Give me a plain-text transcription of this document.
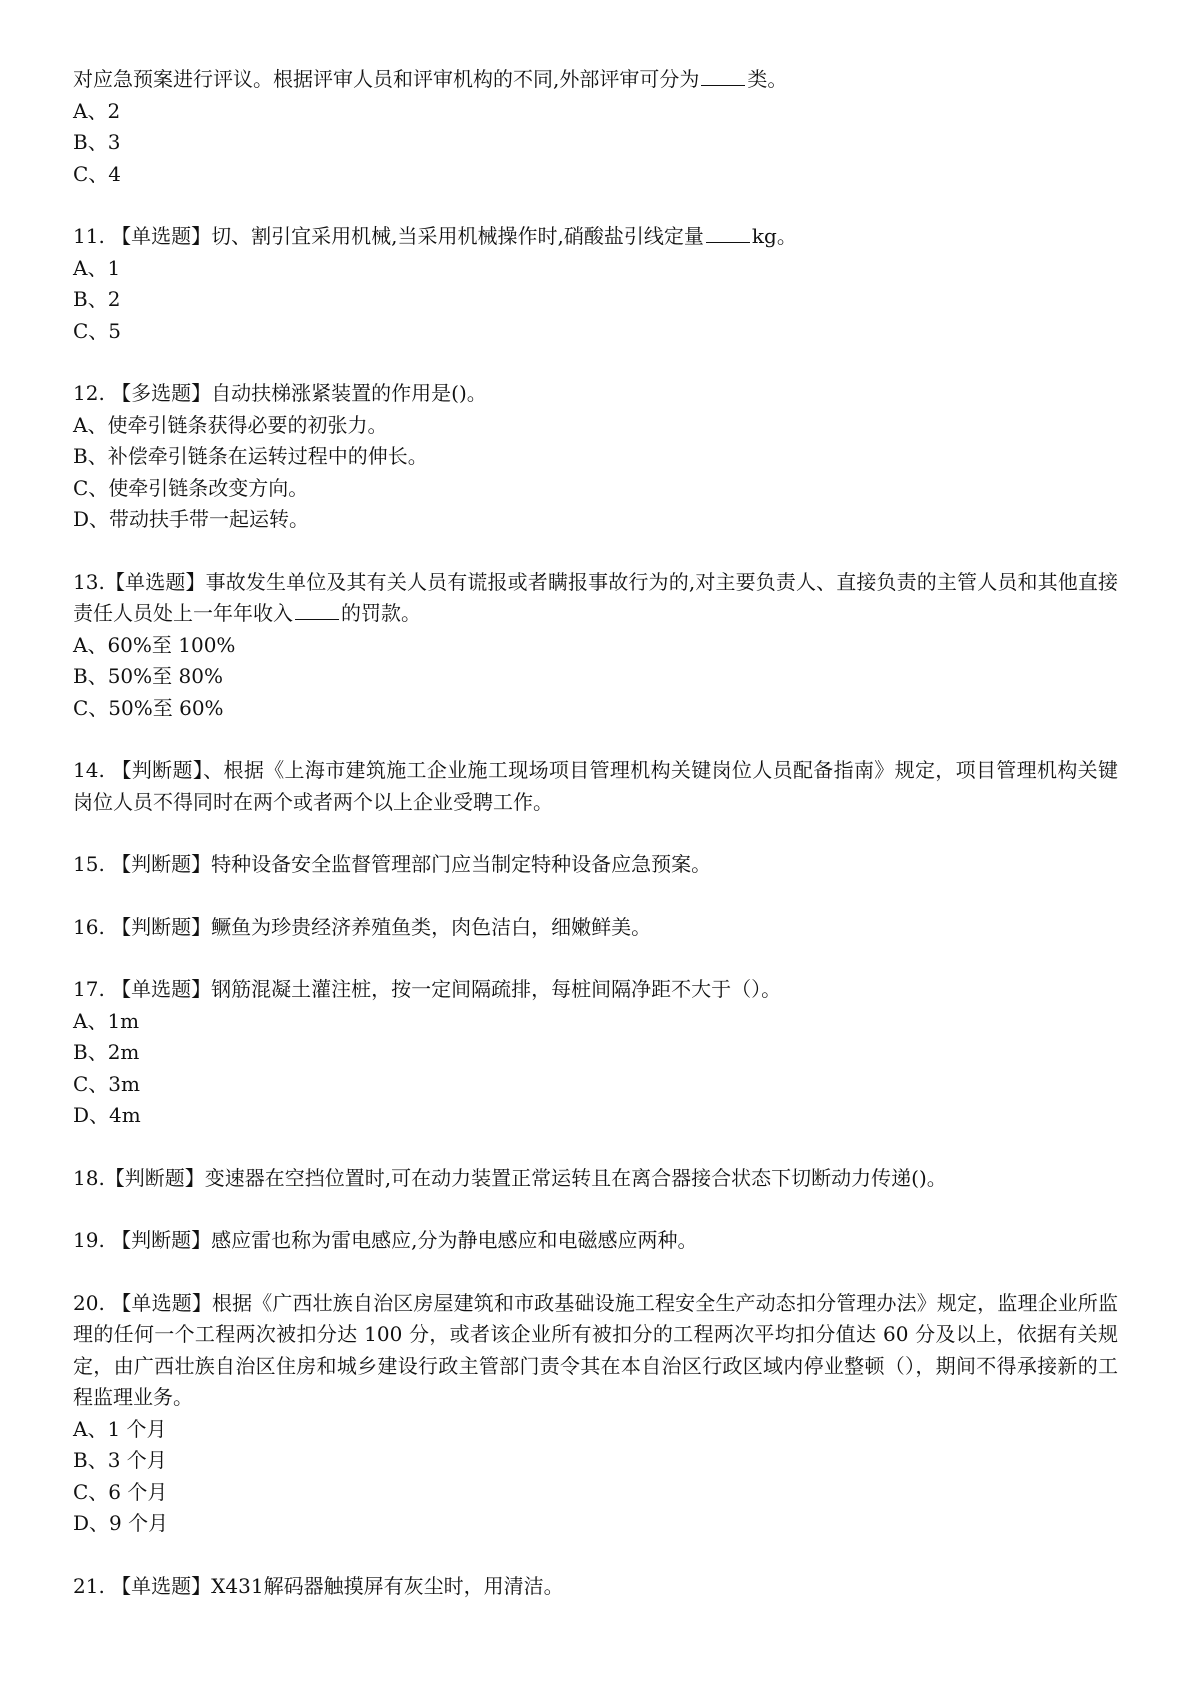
对应急预案进行评议。根据评审人员和评审机构的不同,外部评审可分为 类。
A、2
B、3
C、4
11. 【单选题】切、割引宜采用机械,当采用机械操作时,硝酸盐引线定量 kg。
A、1
B、2
C、5
12. 【多选题】自动扶梯涨紧装置的作用是()。
A、使牵引链条获得必要的初张力。
B、补偿牵引链条在运转过程中的伸长。
C、使牵引链条改变方向。
D、带动扶手带一起运转。
13.【单选题】事故发生单位及其有关人员有谎报或者瞒报事故行为的,对主要负责人、直接负责的主管人员和其他直接责任人员处上一年年收入 的罚款。
A、60%至 100%
B、50%至 80%
C、50%至 60%
14. 【判断题】、根据《上海市建筑施工企业施工现场项目管理机构关键岗位人员配备指南》规定，项目管理机构关键岗位人员不得同时在两个或者两个以上企业受聘工作。
15. 【判断题】特种设备安全监督管理部门应当制定特种设备应急预案。
16. 【判断题】鳜鱼为珍贵经济养殖鱼类，肉色洁白，细嫩鲜美。
17. 【单选题】钢筋混凝土灌注桩，按一定间隔疏排，每桩间隔净距不大于（）。
A、1m
B、2m
C、3m
D、4m
18.【判断题】变速器在空挡位置时,可在动力装置正常运转且在离合器接合状态下切断动力传递()。
19. 【判断题】感应雷也称为雷电感应,分为静电感应和电磁感应两种。
20. 【单选题】根据《广西壮族自治区房屋建筑和市政基础设施工程安全生产动态扣分管理办法》规定，监理企业所监理的任何一个工程两次被扣分达 100 分，或者该企业所有被扣分的工程两次平均扣分值达 60 分及以上，依据有关规定，由广西壮族自治区住房和城乡建设行政主管部门责令其在本自治区行政区域内停业整顿（），期间不得承接新的工程监理业务。
A、1 个月
B、3 个月
C、6 个月
D、9 个月
21. 【单选题】X431解码器触摸屏有灰尘时，用清洁。
